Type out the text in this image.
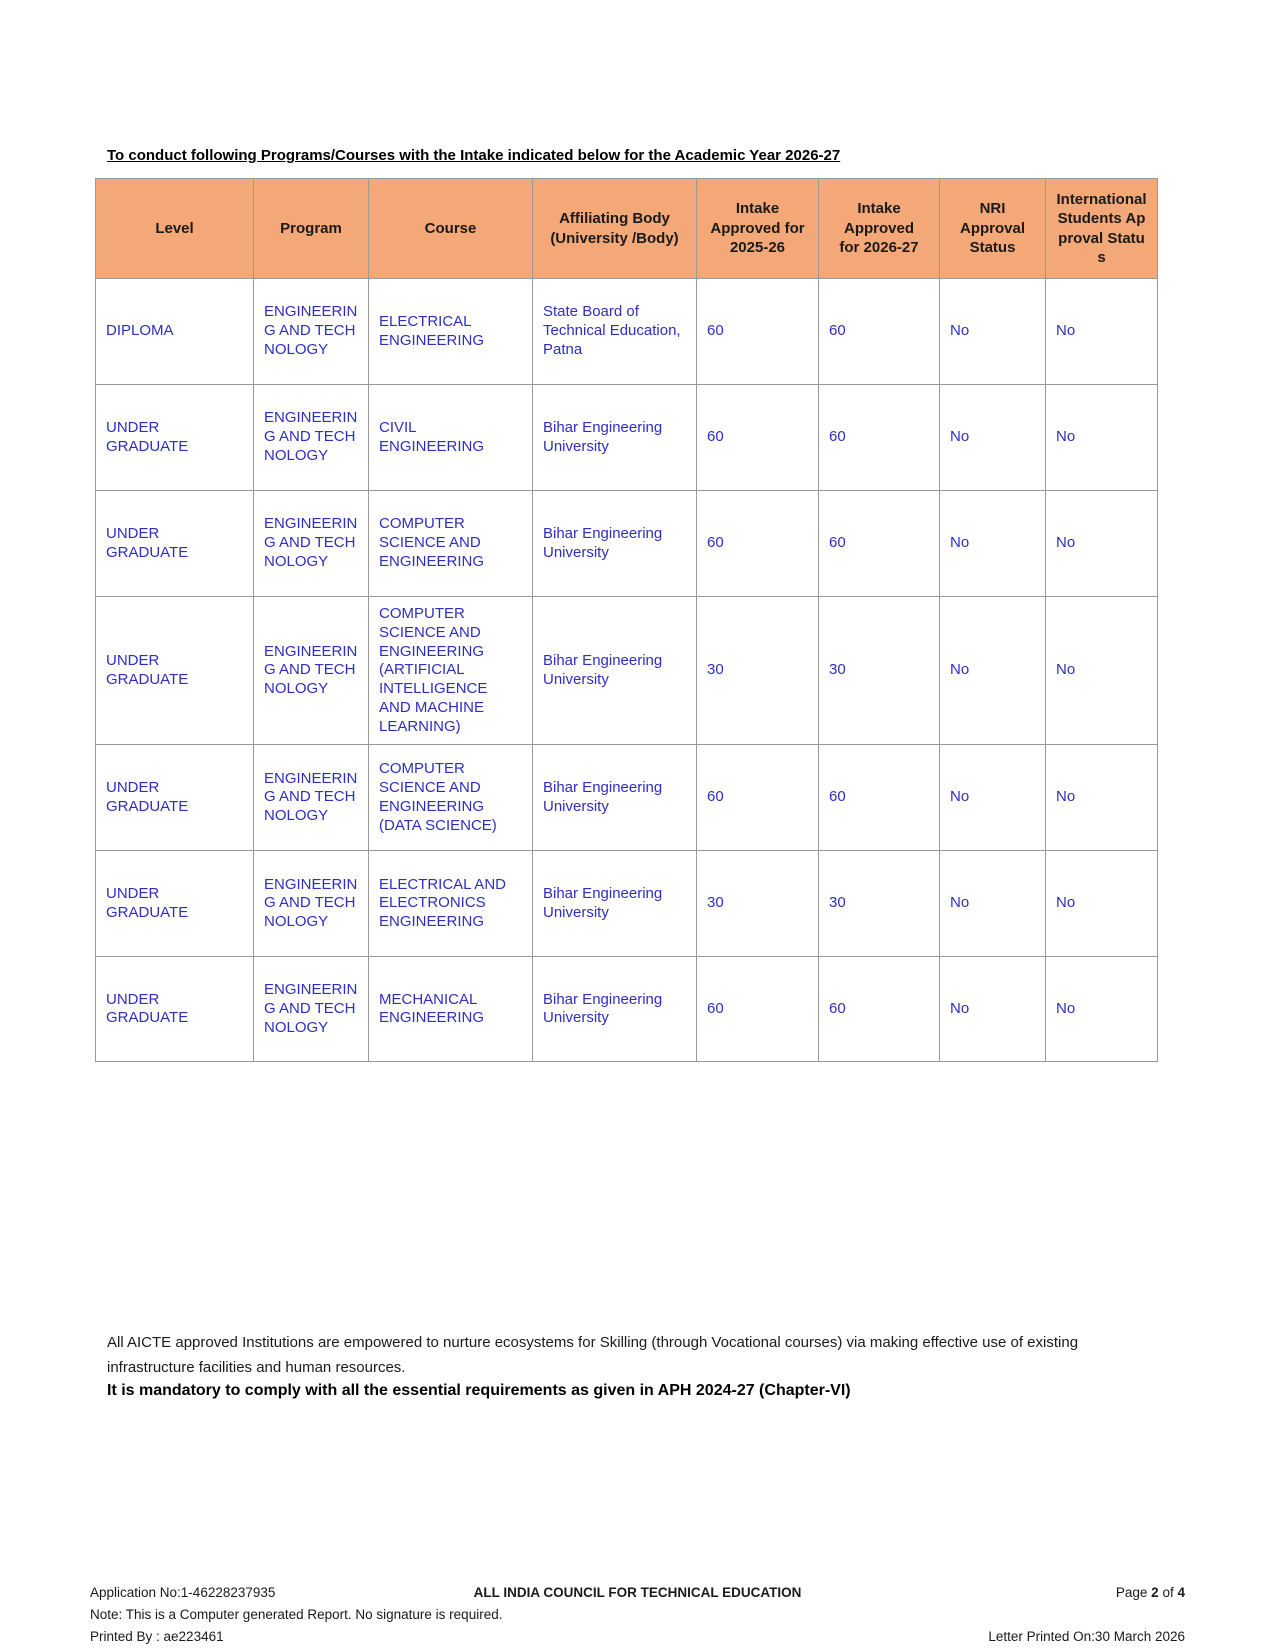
To conduct following Programs/Courses with the Intake indicated below for the Academic Year 2026-27
Level	Program	Course	Affiliating Body (University /Body)	Intake Approved for 2025-26	Intake Approved for 2026-27	NRI Approval Status	International Students Approval Status
DIPLOMA	ENGINEERING AND TECHNOLOGY	ELECTRICAL ENGINEERING	State Board of Technical Education, Patna	60	60	No	No
UNDER GRADUATE	ENGINEERING AND TECHNOLOGY	CIVIL ENGINEERING	Bihar Engineering University	60	60	No	No
UNDER GRADUATE	ENGINEERING AND TECHNOLOGY	COMPUTER SCIENCE AND ENGINEERING	Bihar Engineering University	60	60	No	No
UNDER GRADUATE	ENGINEERING AND TECHNOLOGY	COMPUTER SCIENCE AND ENGINEERING (ARTIFICIAL INTELLIGENCE AND MACHINE LEARNING)	Bihar Engineering University	30	30	No	No
UNDER GRADUATE	ENGINEERING AND TECHNOLOGY	COMPUTER SCIENCE AND ENGINEERING (DATA SCIENCE)	Bihar Engineering University	60	60	No	No
UNDER GRADUATE	ENGINEERING AND TECHNOLOGY	ELECTRICAL AND ELECTRONICS ENGINEERING	Bihar Engineering University	30	30	No	No
UNDER GRADUATE	ENGINEERING AND TECHNOLOGY	MECHANICAL ENGINEERING	Bihar Engineering University	60	60	No	No

All AICTE approved Institutions are empowered to nurture ecosystems for Skilling (through Vocational courses) via making effective use of existing infrastructure facilities and human resources.

It is mandatory to comply with all the essential requirements as given in APH 2024-27 (Chapter-VI)

Application No:1-46228237935	ALL INDIA COUNCIL FOR TECHNICAL EDUCATION	Page 2 of 4
Note: This is a Computer generated Report. No signature is required.
Printed By : ae223461	Letter Printed On:30 March 2026
